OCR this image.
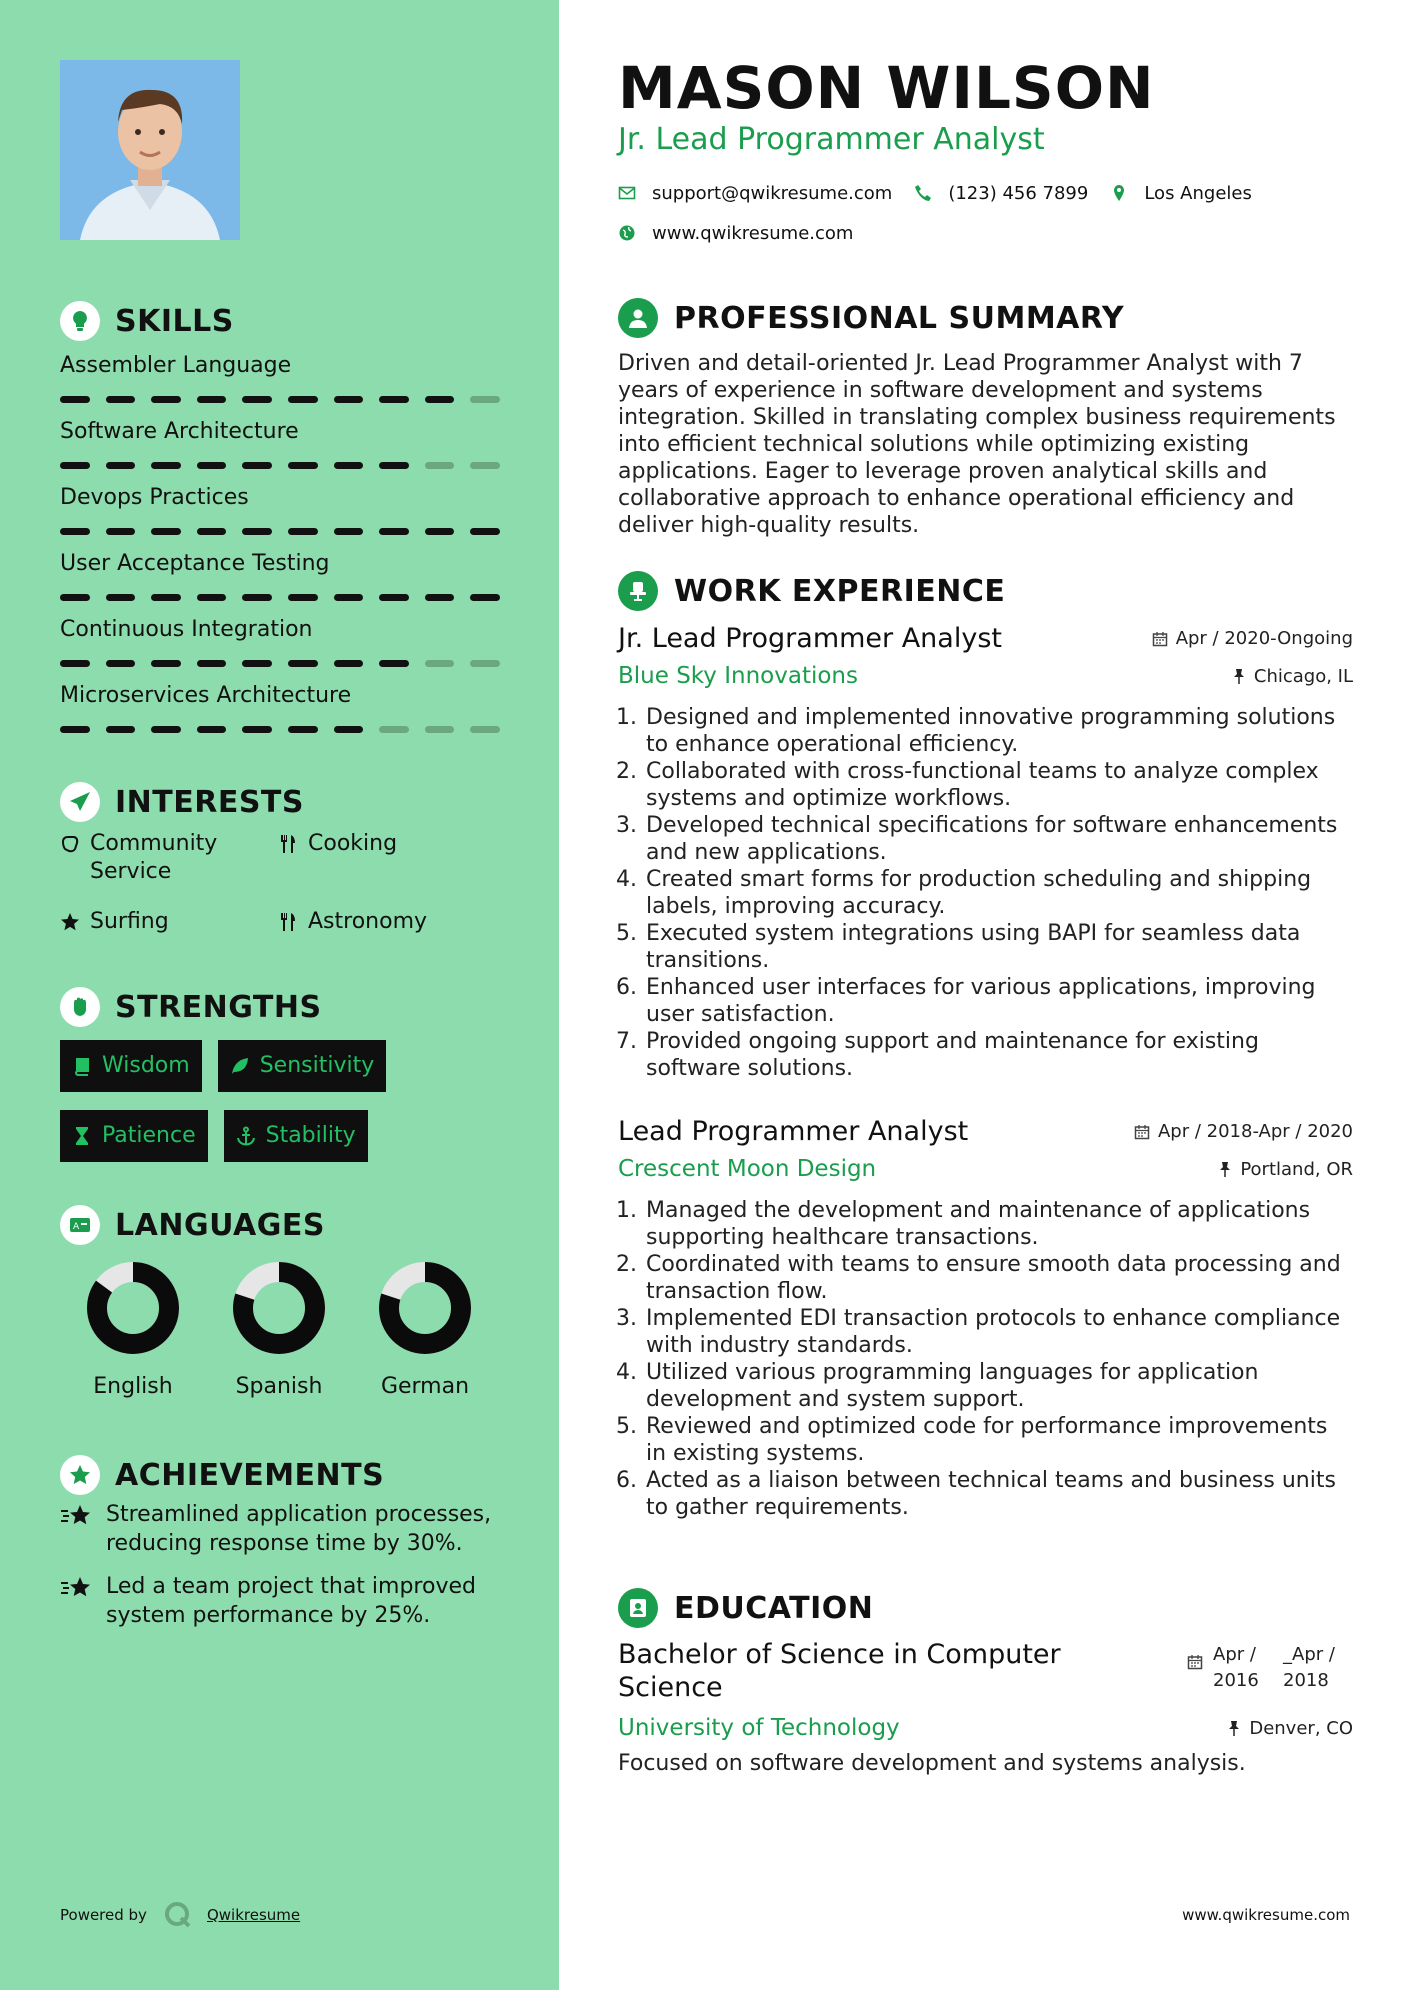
SKILLS
Assembler Language
Software Architecture
Devops Practices
User Acceptance Testing
Continuous Integration
Microservices Architecture
INTERESTS
Community Service
Cooking
Surfing	Astronomy
STRENGTHS
Wisdom	Sensitivity
Patience	Stability
A LANGUAGES
English	Spanish	German
ACHIEVEMENTS
Streamlined application processes, reducing response time by 30%.
Led a team project that improved system performance by 25%.
Powered by	Qwikresume
MASON WILSON
Jr. Lead Programmer Analyst
support@qwikresume.com	(123) 456 7899	Los Angeles
www.qwikresume.com
PROFESSIONAL SUMMARY
Driven and detail-oriented Jr. Lead Programmer Analyst with 7 years of experience in software development and systems integration. Skilled in translating complex business requirements into efficient technical solutions while optimizing existing applications. Eager to leverage proven analytical skills and collaborative approach to enhance operational efficiency and deliver high-quality results.
WORK EXPERIENCE
Jr. Lead Programmer Analyst	Apr / 2020-Ongoing
Blue Sky Innovations	Chicago, IL
1. Designed and implemented innovative programming solutions to enhance operational efficiency.
2. Collaborated with cross-functional teams to analyze complex systems and optimize workflows.
3. Developed technical specifications for software enhancements and new applications.
4. Created smart forms for production scheduling and shipping labels, improving accuracy.
5. Executed system integrations using BAPI for seamless data transitions.
6. Enhanced user interfaces for various applications, improving user satisfaction.
7. Provided ongoing support and maintenance for existing software solutions.
Lead Programmer Analyst	Apr / 2018-Apr / 2020
Crescent Moon Design	Portland, OR
1. Managed the development and maintenance of applications supporting healthcare transactions.
2. Coordinated with teams to ensure smooth data processing and transaction flow.
3. Implemented EDI transaction protocols to enhance compliance with industry standards.
4. Utilized various programming languages for application development and system support.
5. Reviewed and optimized code for performance improvements in existing systems.
6. Acted as a liaison between technical teams and business units to gather requirements.
EDUCATION
Bachelor of Science in Computer Science
Apr / 2016
_Apr / 2018
University of Technology	Denver, CO
Focused on software development and systems analysis.
www.qwikresume.com
